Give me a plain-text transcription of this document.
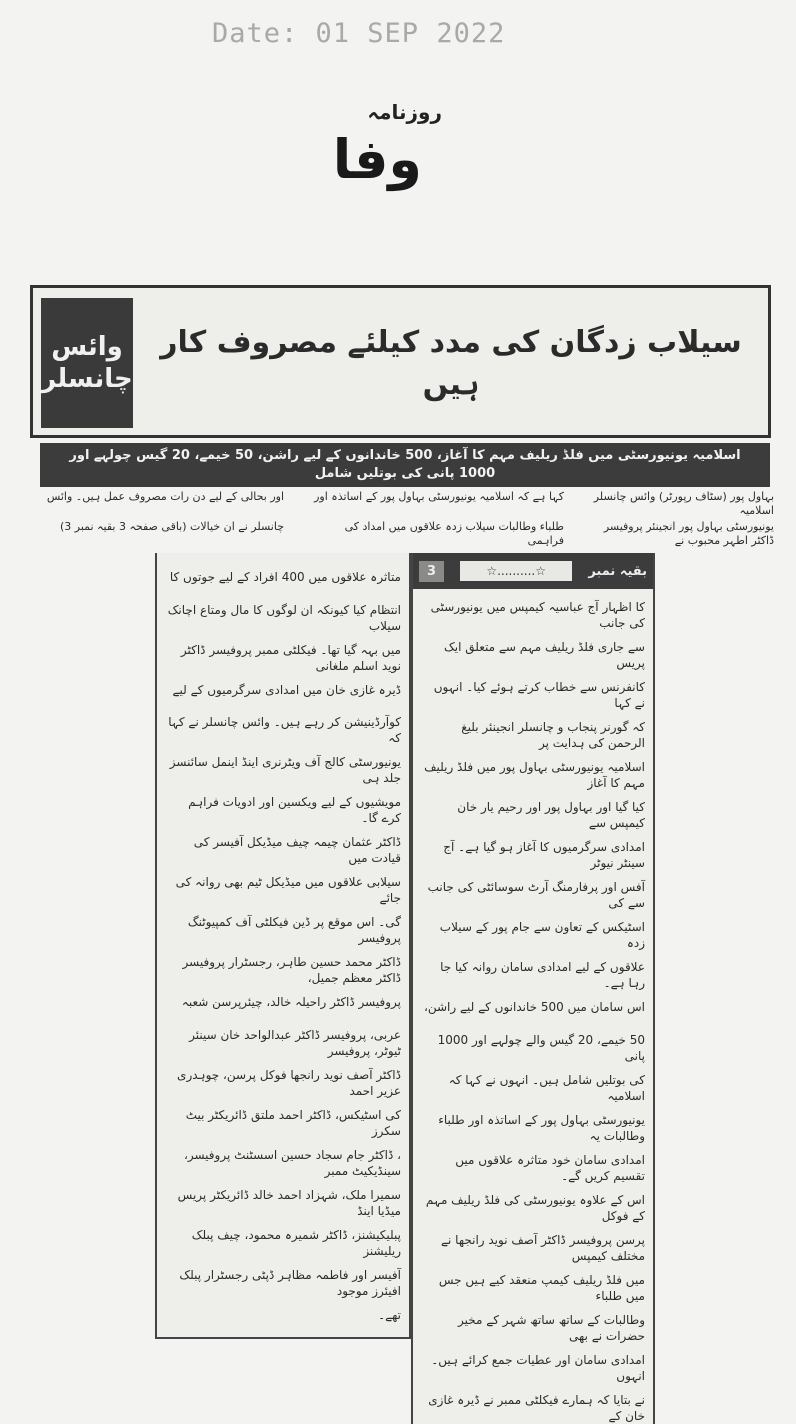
Date: 01 SEP 2022
روزنامہ
وفا
وائس
چانسلر
سیلاب زدگان کی مدد کیلئے مصروف کار ہیں
اسلامیہ یونیورسٹی میں فلڈ ریلیف مہم کا آغاز، 500 خاندانوں کے لیے راشن، 50 خیمے، 20 گیس چولہے اور 1000 پانی کی بوتلیں شامل
بہاول پور (سٹاف رپورٹر) وائس چانسلر اسلامیہ
یونیورسٹی بہاول پور انجینئر پروفیسر ڈاکٹر اطہر محبوب نے
کہا ہے کہ اسلامیہ یونیورسٹی بہاول پور کے اساتذہ اور
طلباء وطالبات سیلاب زدہ علاقوں میں امداد کی فراہمی
اور بحالی کے لیے دن رات مصروف عمل ہیں۔ وائس
چانسلر نے ان خیالات (باقی صفحہ 3 بقیہ نمبر 3)
بقیہ نمبر
☆..........☆
3
کا اظہار آج عباسیہ کیمپس میں یونیورسٹی کی جانب
سے جاری فلڈ ریلیف مہم سے متعلق ایک پریس
کانفرنس سے خطاب کرتے ہوئے کیا۔ انہوں نے کہا
کہ گورنر پنجاب و چانسلر انجینئر بلیغ الرحمن کی ہدایت پر
اسلامیہ یونیورسٹی بہاول پور میں فلڈ ریلیف مہم کا آغاز
کیا گیا اور بہاول پور اور رحیم یار خان کیمپس سے
امدادی سرگرمیوں کا آغاز ہو گیا ہے۔ آج سینٹر نیوٹر
آفس اور پرفارمنگ آرٹ سوسائٹی کی جانب سے کی
اسٹیکس کے تعاون سے جام پور کے سیلاب زدہ
علاقوں کے لیے امدادی سامان روانہ کیا جا رہا ہے۔
اس سامان میں 500 خاندانوں کے لیے راشن،
50 خیمے، 20 گیس والے چولہے اور 1000 پانی
کی بوتلیں شامل ہیں۔ انہوں نے کہا کہ اسلامیہ
یونیورسٹی بہاول پور کے اساتذہ اور طلباء وطالبات یہ
امدادی سامان خود متاثرہ علاقوں میں تقسیم کریں گے۔
اس کے علاوہ یونیورسٹی کی فلڈ ریلیف مہم کے فوکل
پرسن پروفیسر ڈاکٹر آصف نوید رانجھا نے مختلف کیمپس
میں فلڈ ریلیف کیمپ منعقد کیے ہیں جس میں طلباء
وطالبات کے ساتھ ساتھ شہر کے مخیر حضرات نے بھی
امدادی سامان اور عطیات جمع کرائے ہیں۔ انہوں
نے بتایا کہ ہمارے فیکلٹی ممبر نے ڈیرہ غازی خان کے
متاثرہ علاقوں میں 400 افراد کے لیے جوتوں کا
انتظام کیا کیونکہ ان لوگوں کا مال ومتاع اچانک سیلاب
میں بہہ گیا تھا۔ فیکلٹی ممبر پروفیسر ڈاکٹر نوید اسلم ملغانی
ڈیرہ غازی خان میں امدادی سرگرمیوں کے لیے
کوآرڈینیشن کر رہے ہیں۔ وائس چانسلر نے کہا کہ
یونیورسٹی کالج آف ویٹرنری اینڈ اینمل سائنسز جلد ہی
مویشیوں کے لیے ویکسین اور ادویات فراہم کرے گا۔
ڈاکٹر عثمان چیمہ چیف میڈیکل آفیسر کی قیادت میں
سیلابی علاقوں میں میڈیکل ٹیم بھی روانہ کی جائے
گی۔ اس موقع پر ڈین فیکلٹی آف کمپیوٹنگ پروفیسر
ڈاکٹر محمد حسین طاہر، رجسٹرار پروفیسر ڈاکٹر معظم جمیل،
پروفیسر ڈاکٹر راحیلہ خالد، چیئرپرسن شعبہ
عربی، پروفیسر ڈاکٹر عبدالواحد خان سینئر ٹیوٹر، پروفیسر
ڈاکٹر آصف نوید رانجھا فوکل پرسن، چوہدری عزیر احمد
کی اسٹیکس، ڈاکٹر احمد ملتق ڈائریکٹر بیٹ سکرز
، ڈاکٹر جام سجاد حسین اسسٹنٹ پروفیسر، سینڈیکیٹ ممبر
سمیرا ملک، شہزاد احمد خالد ڈائریکٹر پریس میڈیا اینڈ
پبلیکیشنز، ڈاکٹر شمیرہ محمود، چیف پبلک ریلیشنز
آفیسر اور فاطمہ مظاہر ڈپٹی رجسٹرار پبلک افیئرز موجود
تھے۔
